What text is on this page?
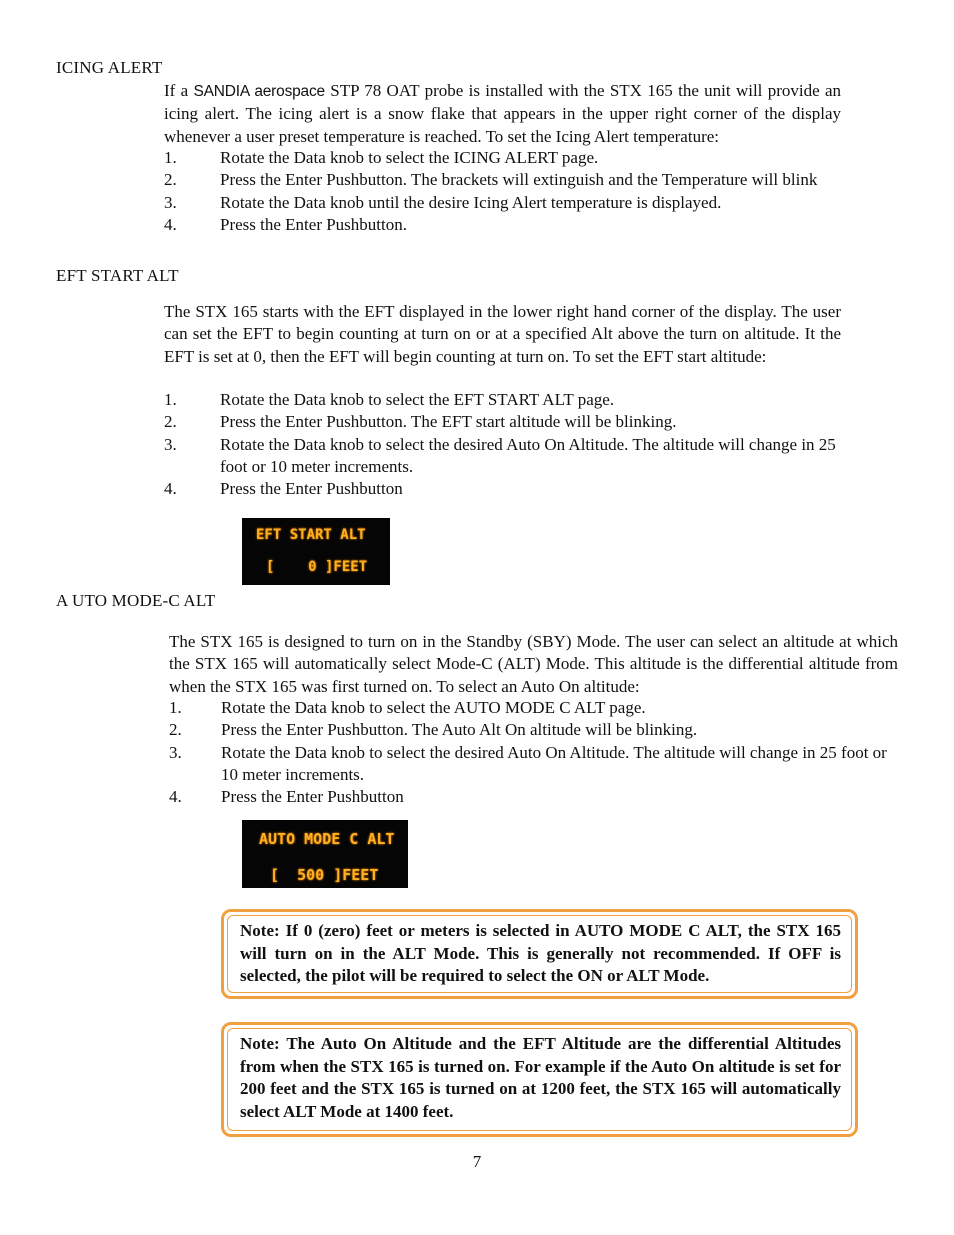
ICING ALERT
If a SANDIA aerospace STP 78 OAT probe is installed with the STX 165 the unit will provide an icing alert. The icing alert is a snow flake that appears in the upper right corner of the display whenever a user preset temperature is reached. To set the Icing Alert temperature:
1.	Rotate the Data knob to select the ICING ALERT page.
2.	Press the Enter Pushbutton. The brackets will extinguish and the Temperature will blink
3.	Rotate the Data knob until the desire Icing Alert temperature is displayed.
4.	Press the Enter Pushbutton.
EFT START ALT
The STX 165 starts with the EFT displayed in the lower right hand corner of the display. The user can set the EFT to begin counting at turn on or at a specified Alt above the turn on altitude. It the EFT is set at 0, then the EFT will begin counting at turn on. To set the EFT start altitude:
1.	Rotate the Data knob to select the EFT START ALT page.
2.	Press the Enter Pushbutton. The EFT start altitude will be blinking.
3.	Rotate the Data knob to select the desired Auto On Altitude. The altitude will change in 25 foot or 10 meter increments.
4.	Press the Enter Pushbutton

EFT START ALT

[    0 ]FEET

A UTO MODE-C ALT
The STX 165 is designed to turn on in the Standby (SBY) Mode. The user can select an altitude at which the STX 165 will automatically select Mode-C (ALT) Mode. This altitude is the differential altitude from when the STX 165 was first turned on. To select an Auto On altitude:
1. Rotate the Data knob to select the AUTO MODE C ALT page.
2. Press the Enter Pushbutton. The Auto Alt On altitude will be blinking.
3. Rotate the Data knob to select the desired Auto On Altitude. The altitude will change in 25 foot or 10 meter increments.
4. Press the Enter Pushbutton

AUTO MODE C ALT

[  500 ]FEET

Note: If 0 (zero) feet or meters is selected in AUTO MODE C ALT, the STX 165 will turn on in the ALT Mode. This is generally not recommended. If OFF is selected, the pilot will be required to select the ON or ALT Mode.
Note: The Auto On Altitude and the EFT Altitude are the differential Altitudes from when the STX 165 is turned on. For example if the Auto On altitude is set for 200 feet and the STX 165 is turned on at 1200 feet, the STX 165 will automatically select ALT Mode at 1400 feet.
7
